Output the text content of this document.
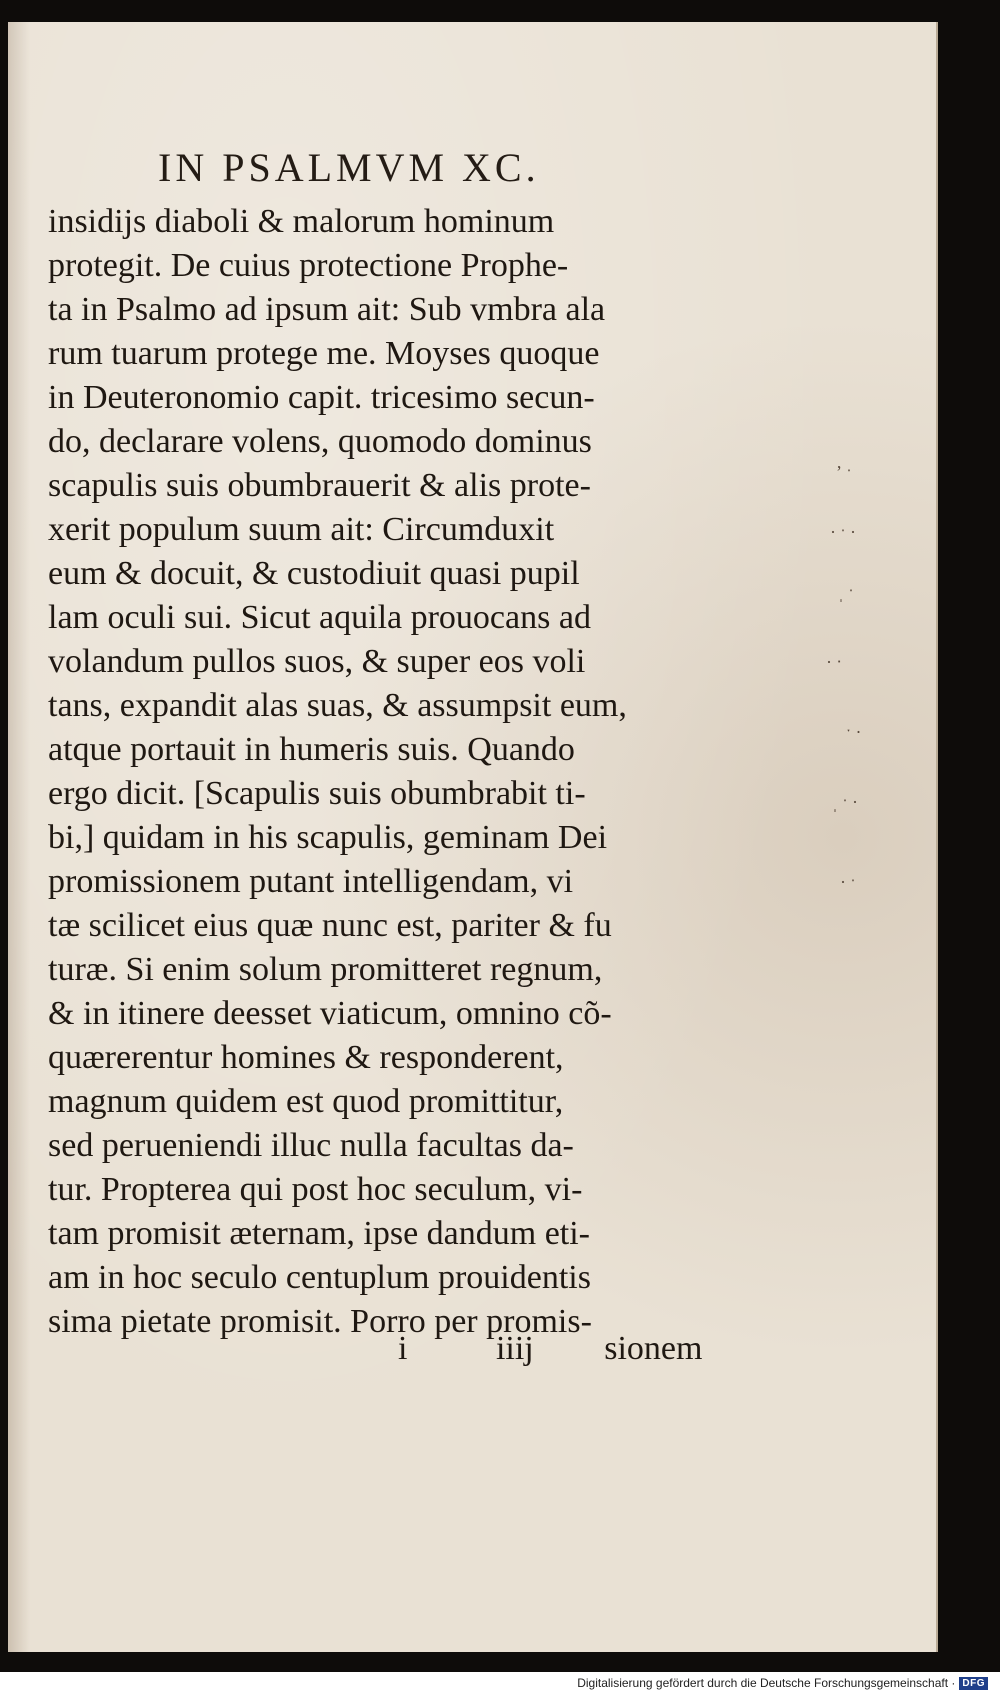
IN PSALMVM XC.
insidijs diaboli & malorum hominum
protegit. De cuius protectione Prophe-
ta in Psalmo ad ipsum ait: Sub vmbra ala
rum tuarum protege me. Moyses quoque
in Deuteronomio capit. tricesimo secun-
do, declarare volens, quomodo dominus
scapulis suis obumbrauerit & alis prote-
xerit populum suum ait: Circumduxit
eum & docuit, & custodiuit quasi pupil
lam oculi sui. Sicut aquila prouocans ad
volandum pullos suos, & super eos voli
tans, expandit alas suas, & assumpsit eum,
atque portauit in humeris suis. Quando
ergo dicit. [Scapulis suis obumbrabit ti-
bi,] quidam in his scapulis, geminam Dei
promissionem putant intelligendam, vi
tæ scilicet eius quæ nunc est, pariter & fu
turæ. Si enim solum promitteret regnum,
& in itinere deesset viaticum, omnino cõ-
quærerentur homines & responderent,
magnum quidem est quod promittitur,
sed perueniendi illuc nulla facultas da-
tur. Propterea qui post hoc seculum, vi-
tam promisit æternam, ipse dandum eti-
am in hoc seculo centuplum prouidentis
sima pietate promisit. Porro per promis-
i	iiij sionem
ʼ ˑ
· ˑ ·
ˌ ˑ
· ᐧ
ˑ ·
ˌ ˑ ·
· ˑ
Digitalisierung gefördert durch die Deutsche Forschungsgemeinschaft · DFG
